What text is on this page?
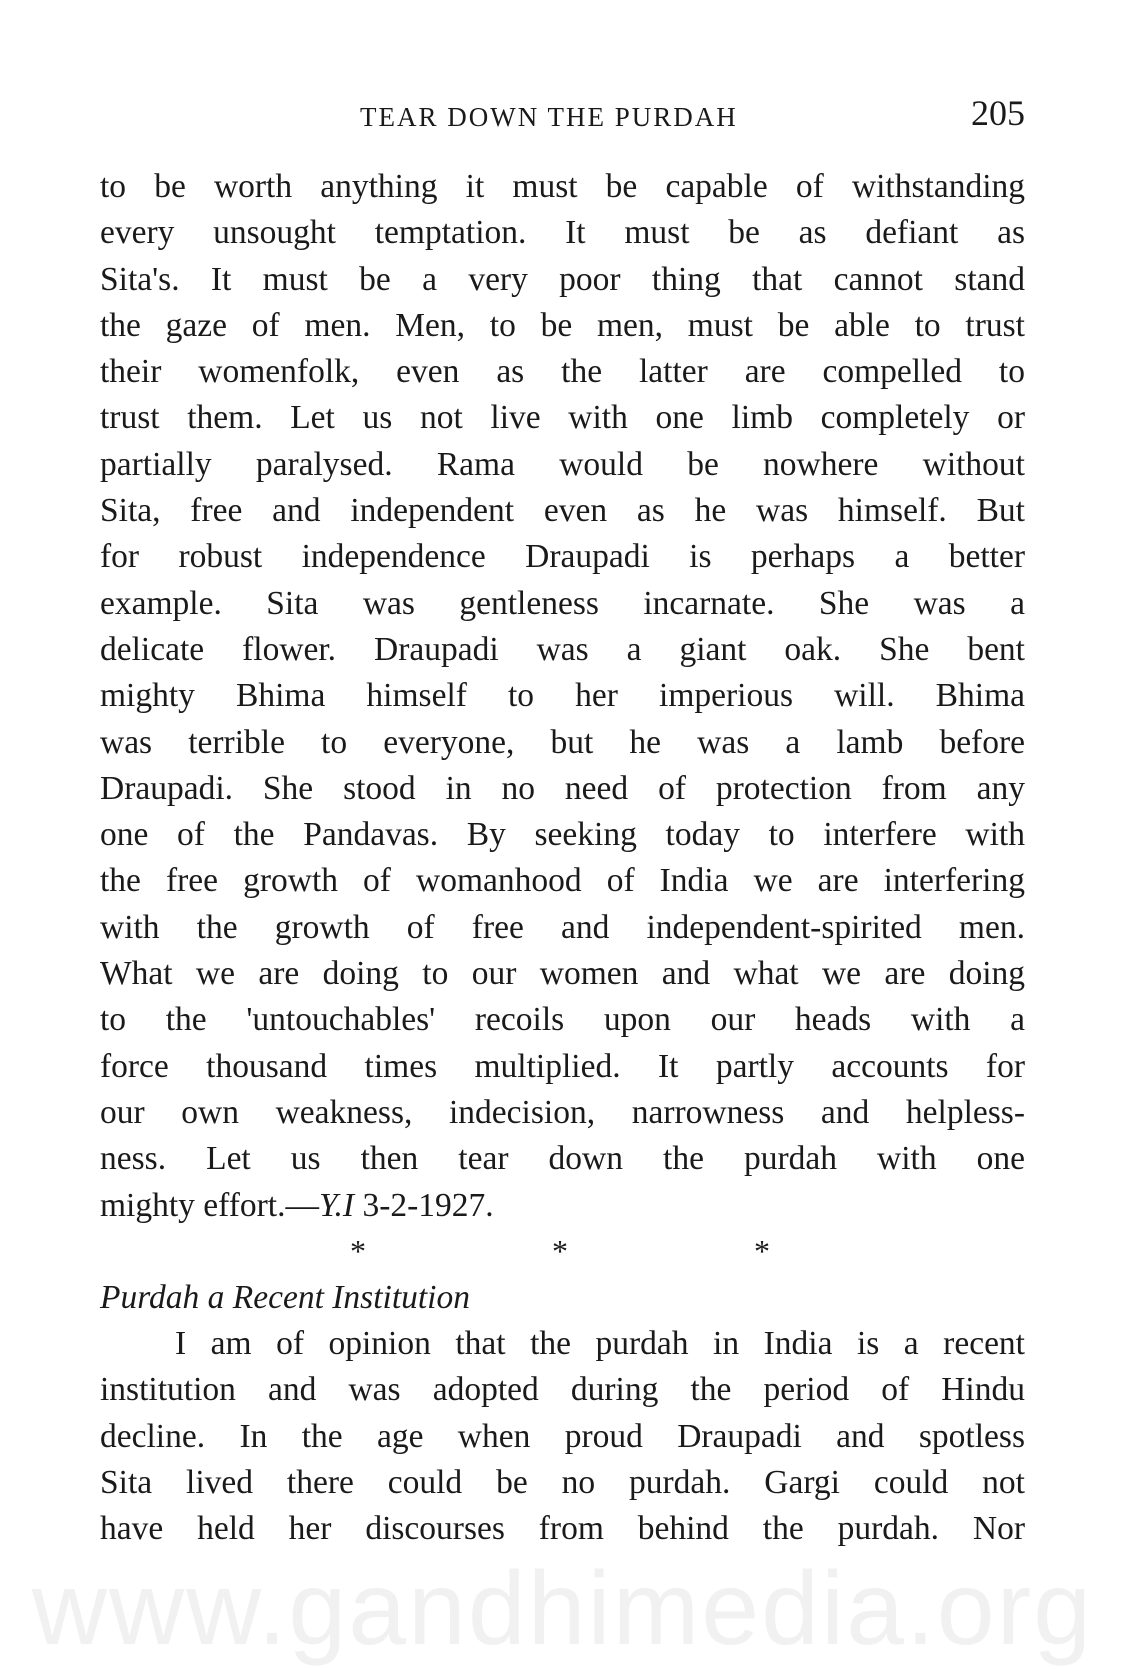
TEAR DOWN THE PURDAH	205
to be worth anything it must be capable of withstanding
every unsought temptation. It must be as defiant as
Sita's. It must be a very poor thing that cannot stand
the gaze of men. Men, to be men, must be able to trust
their womenfolk, even as the latter are compelled to
trust them. Let us not live with one limb completely or
partially paralysed. Rama would be nowhere without
Sita, free and independent even as he was himself. But
for robust independence Draupadi is perhaps a better
example. Sita was gentleness incarnate. She was a
delicate flower. Draupadi was a giant oak. She bent
mighty Bhima himself to her imperious will. Bhima
was terrible to everyone, but he was a lamb before
Draupadi. She stood in no need of protection from any
one of the Pandavas. By seeking today to interfere with
the free growth of womanhood of India we are interfering
with the growth of free and independent-spirited men.
What we are doing to our women and what we are doing
to the 'untouchables' recoils upon our heads with a
force thousand times multiplied. It partly accounts for
our own weakness, indecision, narrowness and helpless-
ness. Let us then tear down the purdah with one
mighty effort.—Y.I 3-2-1927.
*	*	*
Purdah a Recent Institution
I am of opinion that the purdah in India is a recent
institution and was adopted during the period of Hindu
decline. In the age when proud Draupadi and spotless
Sita lived there could be no purdah. Gargi could not
have held her discourses from behind the purdah. Nor
www.gandhimedia.org
